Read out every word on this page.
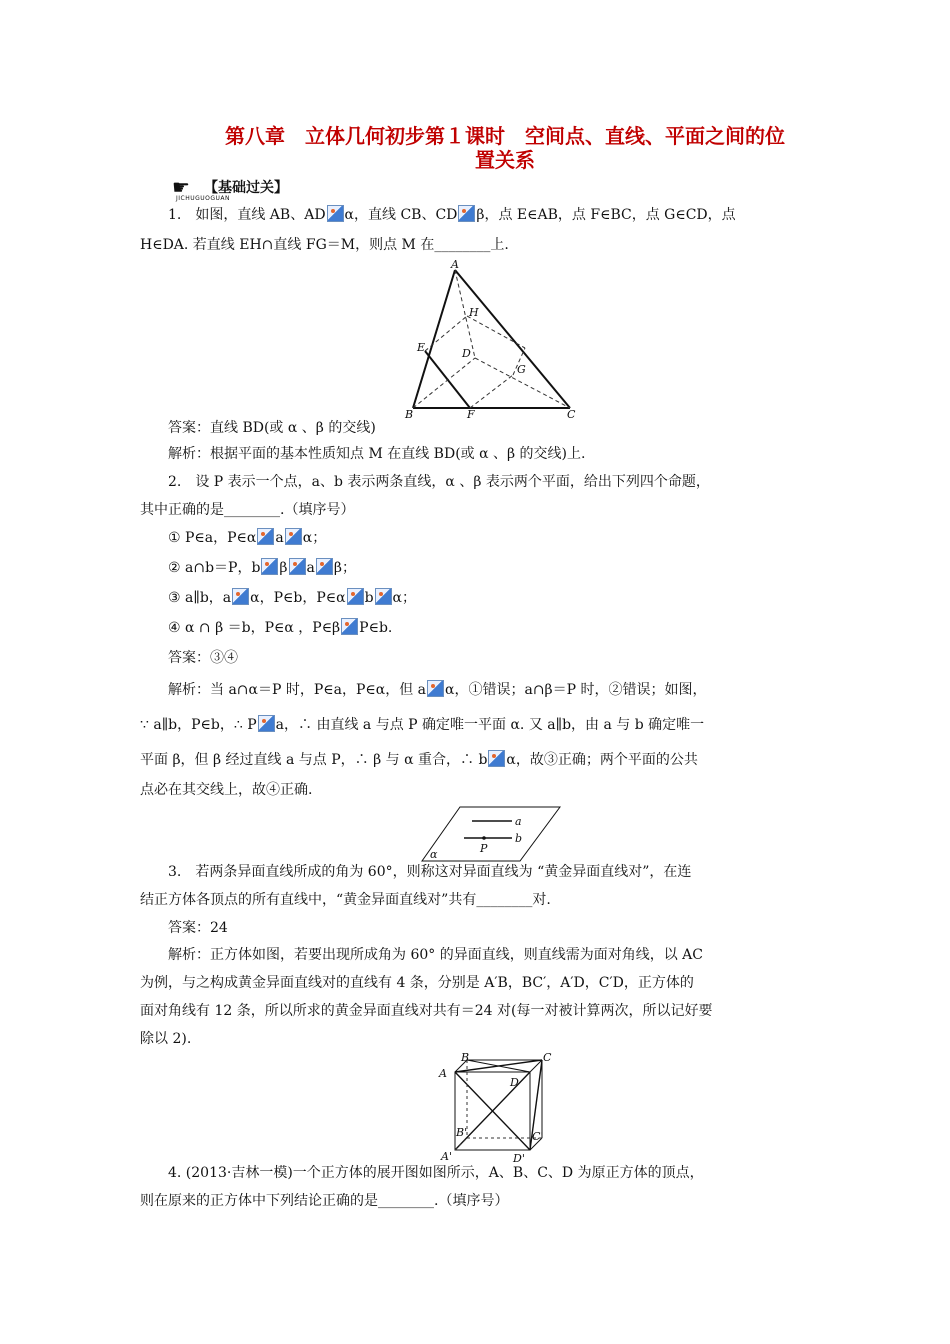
第八章　立体几何初步第１课时　空间点、直线、平面之间的位
置关系
☛ 【基础过关】
JICHUGUOGUAN
1.　如图，直线 AB、AD α，直线 CB、CD β，点 E∈AB，点 F∈BC，点 G∈CD，点
H∈DA. 若直线 EH∩直线 FG＝M，则点 M 在________上.
A
B	C
D
E
F
G
H
答案：直线 BD(或 α 、β 的交线)
解析：根据平面的基本性质知点 M 在直线 BD(或 α 、β 的交线)上.
2.　设 P 表示一个点，a、b 表示两条直线，α 、β 表示两个平面，给出下列四个命题，
其中正确的是________.（填序号）
① P∈a，P∈α a α；
② a∩b＝P，b β a β；
③ a∥b，a α，P∈b，P∈α b α；
④ α ∩ β ＝b，P∈α ，P∈β P∈b.
答案：③④
解析：当 a∩α＝P 时，P∈a，P∈α，但 a α，①错误；a∩β＝P 时，②错误；如图，
∵ a∥b，P∈b，∴ P a，∴ 由直线 a 与点 P 确定唯一平面 α. 又 a∥b，由 a 与 b 确定唯一
平面 β，但 β 经过直线 a 与点 P，∴ β 与 α 重合，∴ b α，故③正确；两个平面的公共
点必在其交线上，故④正确.
a
b
P
α
3.　若两条异面直线所成的角为 60°，则称这对异面直线为 “黄金异面直线对”，在连
结正方体各顶点的所有直线中，“黄金异面直线对”共有________对.
答案：24
解析：正方体如图，若要出现所成角为 60° 的异面直线，则直线需为面对角线，以 AC
为例，与之构成黄金异面直线对的直线有 4 条，分别是 A′B，BC′，A′D，C′D，正方体的
面对角线有 12 条，所以所求的黄金异面直线对共有＝24 对(每一对被计算两次，所以记好要
除以 2).
B	C
A
D
B'	C'
A'	D'
4. (2013·吉林一模)一个正方体的展开图如图所示，A、B、C、D 为原正方体的顶点，
则在原来的正方体中下列结论正确的是________.（填序号）
